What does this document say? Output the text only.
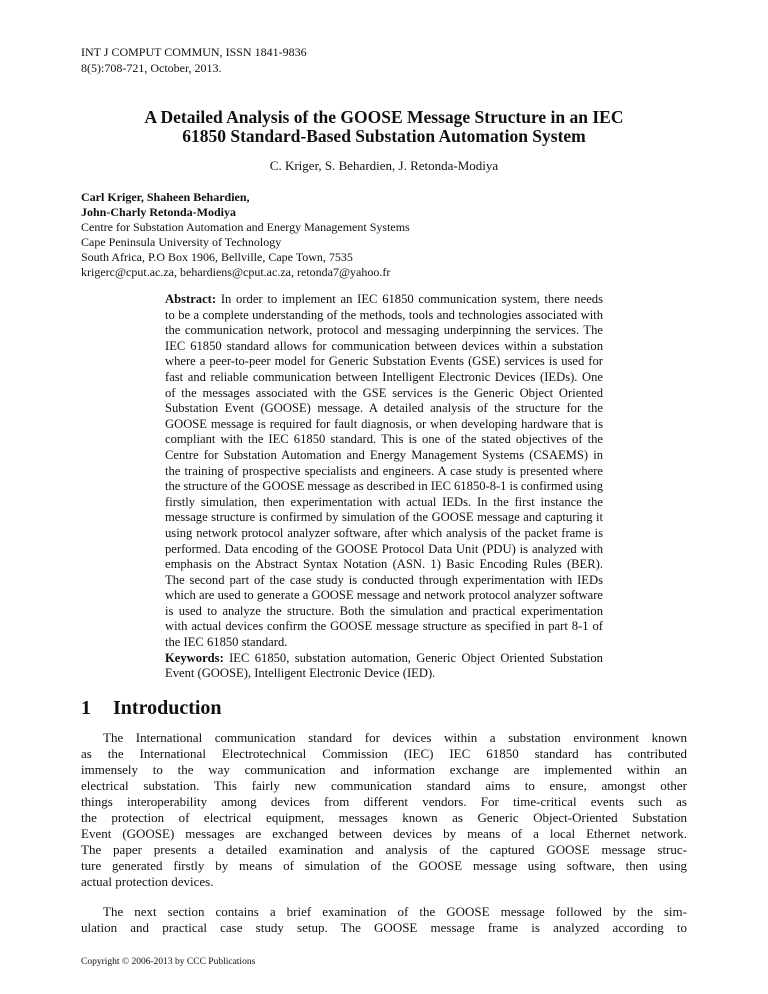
INT J COMPUT COMMUN, ISSN 1841-9836
8(5):708-721, October, 2013.
A Detailed Analysis of the GOOSE Message Structure in an IEC
61850 Standard-Based Substation Automation System
C. Kriger, S. Behardien, J. Retonda-Modiya
Carl Kriger, Shaheen Behardien,
John-Charly Retonda-Modiya
Centre for Substation Automation and Energy Management Systems
Cape Peninsula University of Technology
South Africa, P.O Box 1906, Bellville, Cape Town, 7535
krigerc@cput.ac.za, behardiens@cput.ac.za, retonda7@yahoo.fr
Abstract: In order to implement an IEC 61850 communication system, there needs
to be a complete understanding of the methods, tools and technologies associated with
the communication network, protocol and messaging underpinning the services. The
IEC 61850 standard allows for communication between devices within a substation
where a peer-to-peer model for Generic Substation Events (GSE) services is used for
fast and reliable communication between Intelligent Electronic Devices (IEDs). One
of the messages associated with the GSE services is the Generic Object Oriented
Substation Event (GOOSE) message. A detailed analysis of the structure for the
GOOSE message is required for fault diagnosis, or when developing hardware that is
compliant with the IEC 61850 standard. This is one of the stated objectives of the
Centre for Substation Automation and Energy Management Systems (CSAEMS) in
the training of prospective specialists and engineers. A case study is presented where
the structure of the GOOSE message as described in IEC 61850-8-1 is confirmed using
firstly simulation, then experimentation with actual IEDs. In the first instance the
message structure is confirmed by simulation of the GOOSE message and capturing it
using network protocol analyzer software, after which analysis of the packet frame is
performed. Data encoding of the GOOSE Protocol Data Unit (PDU) is analyzed with
emphasis on the Abstract Syntax Notation (ASN. 1) Basic Encoding Rules (BER).
The second part of the case study is conducted through experimentation with IEDs
which are used to generate a GOOSE message and network protocol analyzer software
is used to analyze the structure. Both the simulation and practical experimentation
with actual devices confirm the GOOSE message structure as specified in part 8-1 of
the IEC 61850 standard.
Keywords: IEC 61850, substation automation, Generic Object Oriented Substation
Event (GOOSE), Intelligent Electronic Device (IED).
1 Introduction
The International communication standard for devices within a substation environment known
as the International Electrotechnical Commission (IEC) IEC 61850 standard has contributed
immensely to the way communication and information exchange are implemented within an
electrical substation. This fairly new communication standard aims to ensure, amongst other
things interoperability among devices from different vendors. For time-critical events such as
the protection of electrical equipment, messages known as Generic Object-Oriented Substation
Event (GOOSE) messages are exchanged between devices by means of a local Ethernet network.
The paper presents a detailed examination and analysis of the captured GOOSE message struc-
ture generated firstly by means of simulation of the GOOSE message using software, then using
actual protection devices.
The next section contains a brief examination of the GOOSE message followed by the sim-
ulation and practical case study setup. The GOOSE message frame is analyzed according to
Copyright © 2006-2013 by CCC Publications
